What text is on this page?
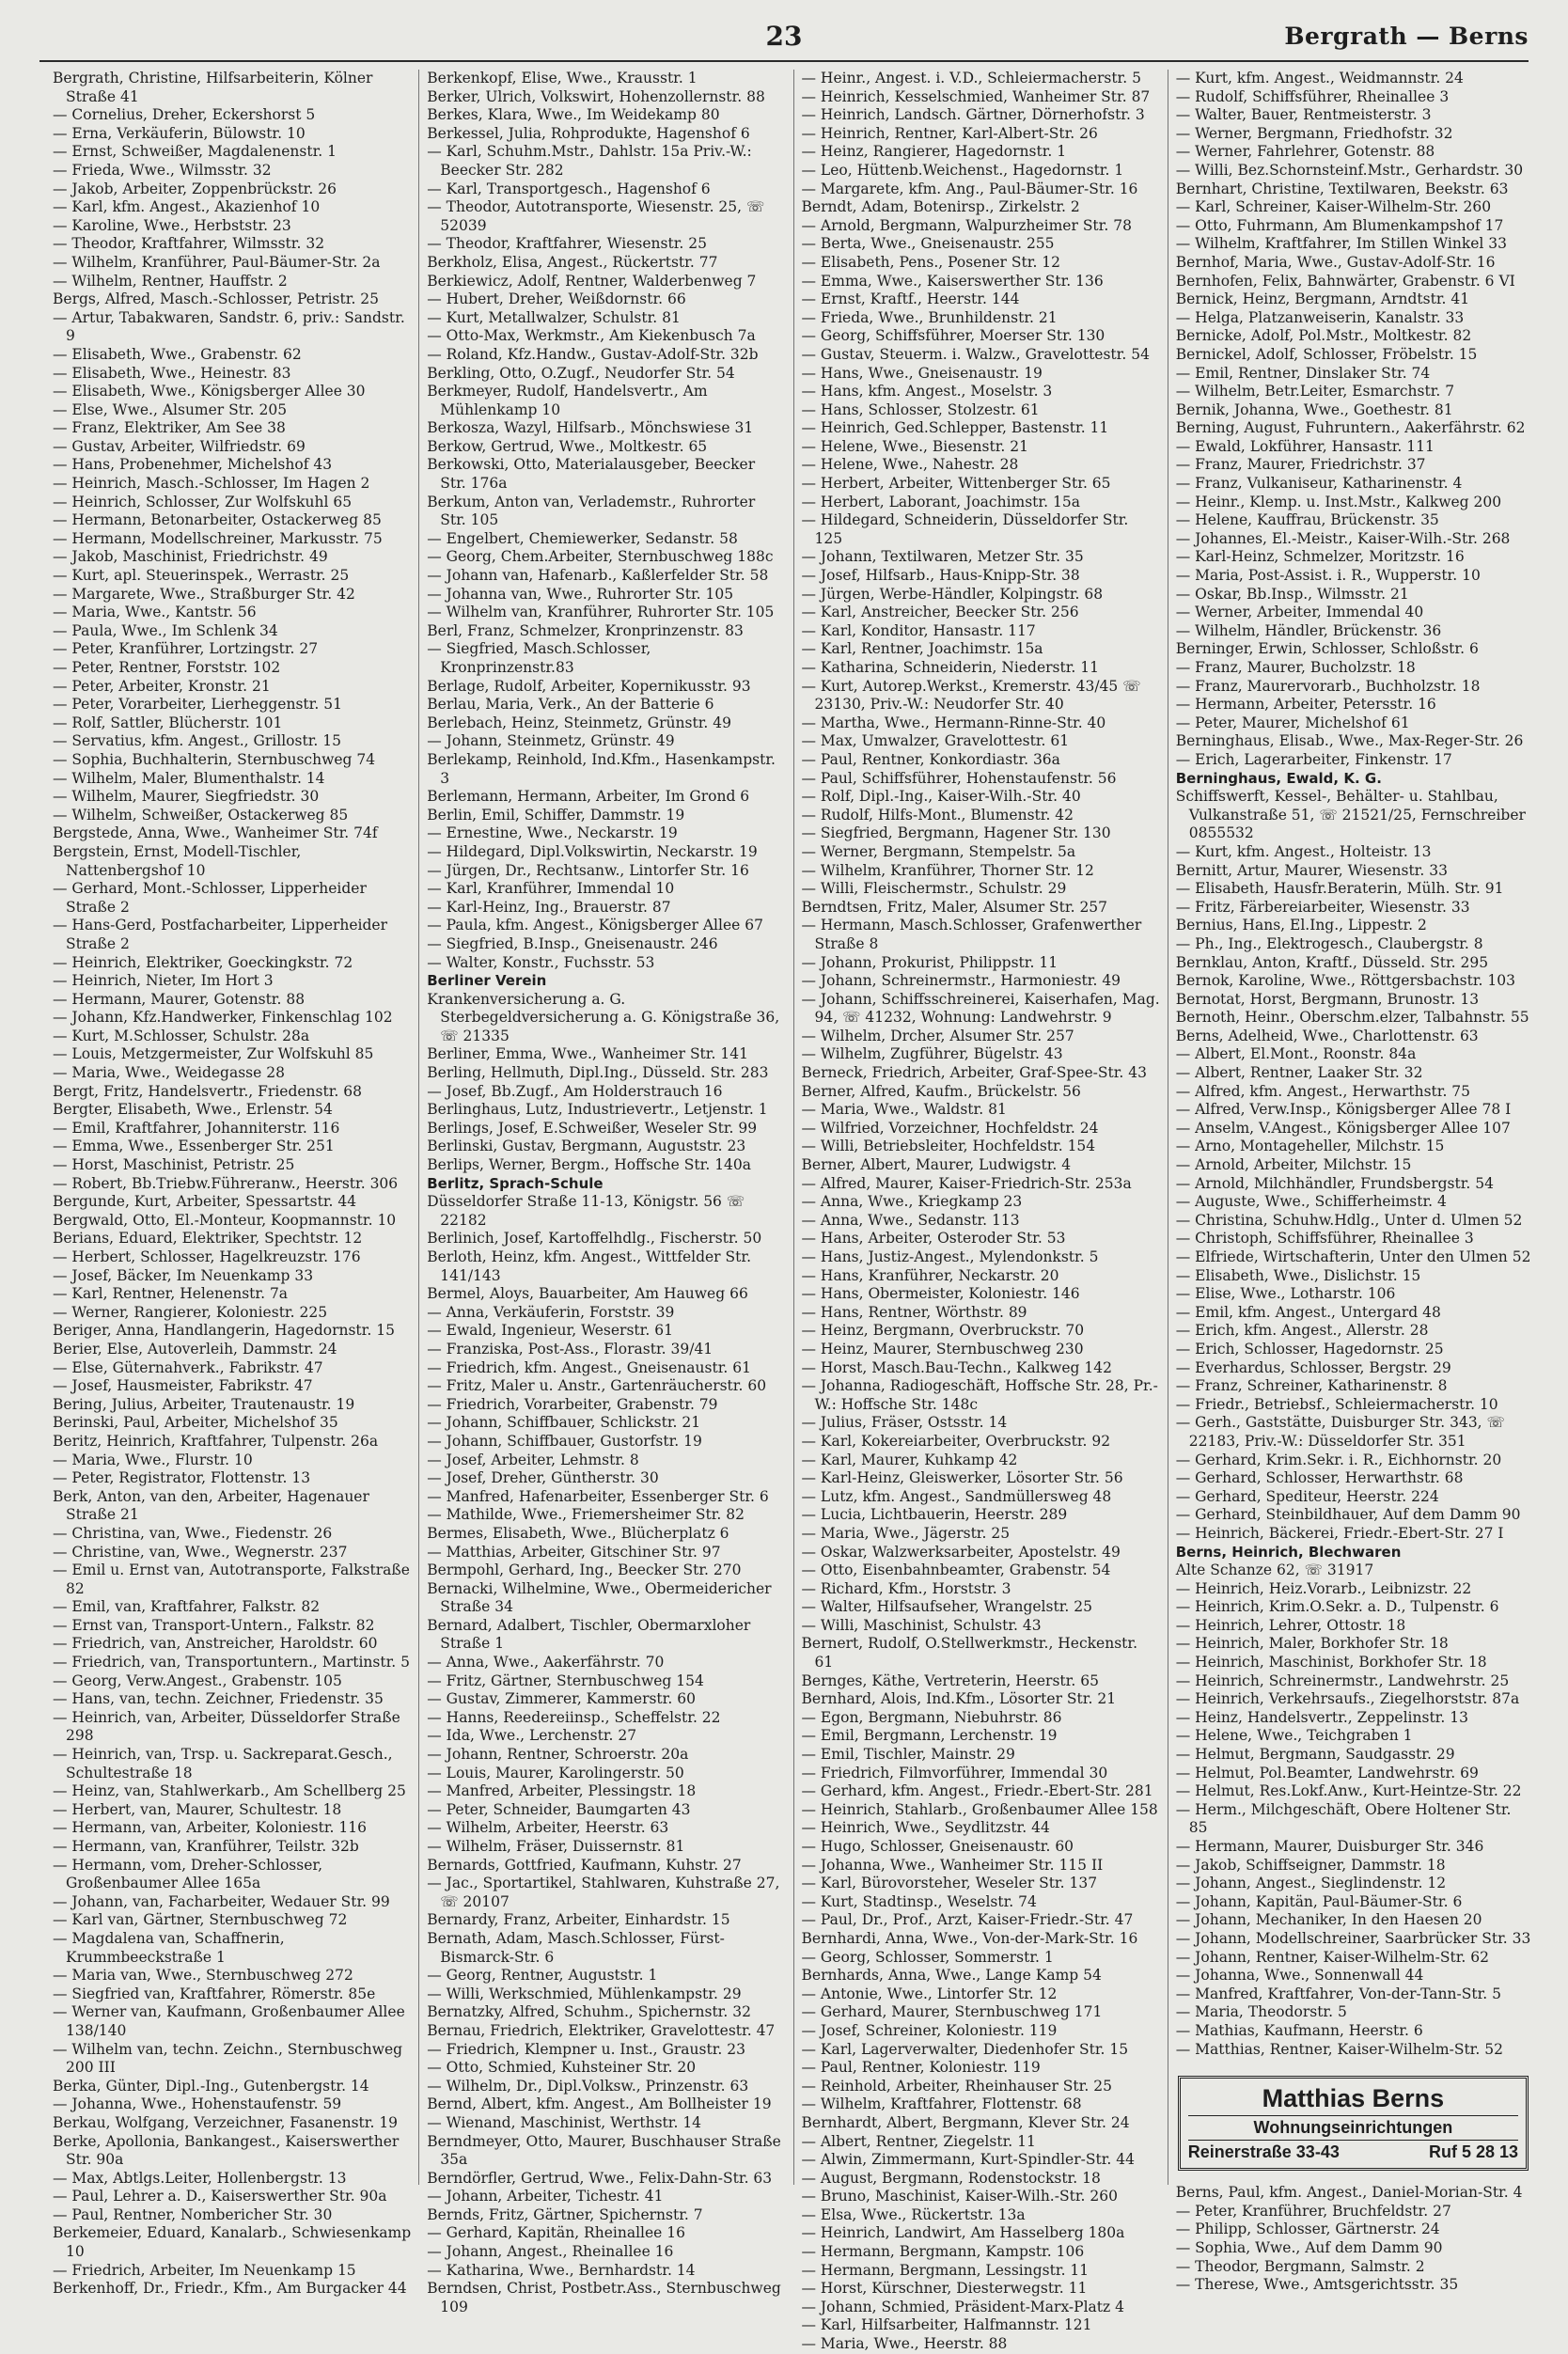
23	Bergrath — Berns

Bergrath, Christine, Hilfsarbeiterin, Kölner Straße 41

— Cornelius, Dreher, Eckershorst 5

— Erna, Verkäuferin, Bülowstr. 10

— Ernst, Schweißer, Magdalenenstr. 1

— Frieda, Wwe., Wilmsstr. 32

— Jakob, Arbeiter, Zoppenbrückstr. 26

— Karl, kfm. Angest., Akazienhof 10

— Karoline, Wwe., Herbststr. 23

— Theodor, Kraftfahrer, Wilmsstr. 32

— Wilhelm, Kranführer, Paul-Bäumer-Str. 2a

— Wilhelm, Rentner, Hauffstr. 2

Bergs, Alfred, Masch.-Schlosser, Petristr. 25

— Artur, Tabakwaren, Sandstr. 6, priv.: Sandstr. 9

— Elisabeth, Wwe., Grabenstr. 62

— Elisabeth, Wwe., Heinestr. 83

— Elisabeth, Wwe., Königsberger Allee 30

— Else, Wwe., Alsumer Str. 205

— Franz, Elektriker, Am See 38

— Gustav, Arbeiter, Wilfriedstr. 69

— Hans, Probenehmer, Michelshof 43

— Heinrich, Masch.-Schlosser, Im Hagen 2

— Heinrich, Schlosser, Zur Wolfskuhl 65

— Hermann, Betonarbeiter, Ostackerweg 85

— Hermann, Modellschreiner, Markusstr. 75

— Jakob, Maschinist, Friedrichstr. 49

— Kurt, apl. Steuerinspek., Werrastr. 25

— Margarete, Wwe., Straßburger Str. 42

— Maria, Wwe., Kantstr. 56

— Paula, Wwe., Im Schlenk 34

— Peter, Kranführer, Lortzingstr. 27

— Peter, Rentner, Forststr. 102

— Peter, Arbeiter, Kronstr. 21

— Peter, Vorarbeiter, Lierheggenstr. 51

— Rolf, Sattler, Blücherstr. 101

— Servatius, kfm. Angest., Grillostr. 15

— Sophia, Buchhalterin, Sternbuschweg 74

— Wilhelm, Maler, Blumenthalstr. 14

— Wilhelm, Maurer, Siegfriedstr. 30

— Wilhelm, Schweißer, Ostackerweg 85

Bergstede, Anna, Wwe., Wanheimer Str. 74f

Bergstein, Ernst, Modell-Tischler, Nattenbergshof 10

— Gerhard, Mont.-Schlosser, Lipperheider Straße 2

— Hans-Gerd, Postfacharbeiter, Lipperheider Straße 2

— Heinrich, Elektriker, Goeckingkstr. 72

— Heinrich, Nieter, Im Hort 3

— Hermann, Maurer, Gotenstr. 88

— Johann, Kfz.Handwerker, Finkenschlag 102

— Kurt, M.Schlosser, Schulstr. 28a

— Louis, Metzgermeister, Zur Wolfskuhl 85

— Maria, Wwe., Weidegasse 28

Bergt, Fritz, Handelsvertr., Friedenstr. 68

Bergter, Elisabeth, Wwe., Erlenstr. 54

— Emil, Kraftfahrer, Johanniterstr. 116

— Emma, Wwe., Essenberger Str. 251

— Horst, Maschinist, Petristr. 25

— Robert, Bb.Triebw.Führeranw., Heerstr. 306

Bergunde, Kurt, Arbeiter, Spessartstr. 44

Bergwald, Otto, El.-Monteur, Koopmannstr. 10

Berians, Eduard, Elektriker, Spechtstr. 12

— Herbert, Schlosser, Hagelkreuzstr. 176

— Josef, Bäcker, Im Neuenkamp 33

— Karl, Rentner, Helenenstr. 7a

— Werner, Rangierer, Koloniestr. 225

Beriger, Anna, Handlangerin, Hagedornstr. 15

Berier, Else, Autoverleih, Dammstr. 24

— Else, Güternahverk., Fabrikstr. 47

— Josef, Hausmeister, Fabrikstr. 47

Bering, Julius, Arbeiter, Trautenaustr. 19

Berinski, Paul, Arbeiter, Michelshof 35

Beritz, Heinrich, Kraftfahrer, Tulpenstr. 26a

— Maria, Wwe., Flurstr. 10

— Peter, Registrator, Flottenstr. 13

Berk, Anton, van den, Arbeiter, Hagenauer Straße 21

— Christina, van, Wwe., Fiedenstr. 26

— Christine, van, Wwe., Wegnerstr. 237

— Emil u. Ernst van, Autotransporte, Falkstraße 82

— Emil, van, Kraftfahrer, Falkstr. 82

— Ernst van, Transport-Untern., Falkstr. 82

— Friedrich, van, Anstreicher, Haroldstr. 60

— Friedrich, van, Transportuntern., Martinstr. 5

— Georg, Verw.Angest., Grabenstr. 105

— Hans, van, techn. Zeichner, Friedenstr. 35

— Heinrich, van, Arbeiter, Düsseldorfer Straße 298

— Heinrich, van, Trsp. u. Sackreparat.Gesch., Schultestraße 18

— Heinz, van, Stahlwerkarb., Am Schellberg 25

— Herbert, van, Maurer, Schultestr. 18

— Hermann, van, Arbeiter, Koloniestr. 116

— Hermann, van, Kranführer, Teilstr. 32b

— Hermann, vom, Dreher-Schlosser, Großenbaumer Allee 165a

— Johann, van, Facharbeiter, Wedauer Str. 99

— Karl van, Gärtner, Sternbuschweg 72

— Magdalena van, Schaffnerin, Krummbeeckstraße 1

— Maria van, Wwe., Sternbuschweg 272

— Siegfried van, Kraftfahrer, Römerstr. 85e

— Werner van, Kaufmann, Großenbaumer Allee 138/140

— Wilhelm van, techn. Zeichn., Sternbuschweg 200 III

Berka, Günter, Dipl.-Ing., Gutenbergstr. 14

— Johanna, Wwe., Hohenstaufenstr. 59

Berkau, Wolfgang, Verzeichner, Fasanenstr. 19

Berke, Apollonia, Bankangest., Kaiserswerther Str. 90a

— Max, Abtlgs.Leiter, Hollenbergstr. 13

— Paul, Lehrer a. D., Kaiserswerther Str. 90a

— Paul, Rentner, Nombericher Str. 30

Berkemeier, Eduard, Kanalarb., Schwiesenkamp 10

— Friedrich, Arbeiter, Im Neuenkamp 15

Berkenhoff, Dr., Friedr., Kfm., Am Burgacker 44

Berkenkopf, Elise, Wwe., Krausstr. 1

Berker, Ulrich, Volkswirt, Hohenzollernstr. 88

Berkes, Klara, Wwe., Im Weidekamp 80

Berkessel, Julia, Rohprodukte, Hagenshof 6

— Karl, Schuhm.Mstr., Dahlstr. 15a Priv.-W.: Beecker Str. 282

— Karl, Transportgesch., Hagenshof 6

— Theodor, Autotransporte, Wiesenstr. 25, ☏ 52039

— Theodor, Kraftfahrer, Wiesenstr. 25

Berkholz, Elisa, Angest., Rückertstr. 77

Berkiewicz, Adolf, Rentner, Walderbenweg 7

— Hubert, Dreher, Weißdornstr. 66

— Kurt, Metallwalzer, Schulstr. 81

— Otto-Max, Werkmstr., Am Kiekenbusch 7a

— Roland, Kfz.Handw., Gustav-Adolf-Str. 32b

Berkling, Otto, O.Zugf., Neudorfer Str. 54

Berkmeyer, Rudolf, Handelsvertr., Am Mühlenkamp 10

Berkosza, Wazyl, Hilfsarb., Mönchswiese 31

Berkow, Gertrud, Wwe., Moltkestr. 65

Berkowski, Otto, Materialausgeber, Beecker Str. 176a

Berkum, Anton van, Verlademstr., Ruhrorter Str. 105

— Engelbert, Chemiewerker, Sedanstr. 58

— Georg, Chem.Arbeiter, Sternbuschweg 188c

— Johann van, Hafenarb., Kaßlerfelder Str. 58

— Johanna van, Wwe., Ruhrorter Str. 105

— Wilhelm van, Kranführer, Ruhrorter Str. 105

Berl, Franz, Schmelzer, Kronprinzenstr. 83

— Siegfried, Masch.Schlosser, Kronprinzenstr.83

Berlage, Rudolf, Arbeiter, Kopernikusstr. 93

Berlau, Maria, Verk., An der Batterie 6

Berlebach, Heinz, Steinmetz, Grünstr. 49

— Johann, Steinmetz, Grünstr. 49

Berlekamp, Reinhold, Ind.Kfm., Hasenkampstr. 3

Berlemann, Hermann, Arbeiter, Im Grond 6

Berlin, Emil, Schiffer, Dammstr. 19

— Ernestine, Wwe., Neckarstr. 19

— Hildegard, Dipl.Volkswirtin, Neckarstr. 19

— Jürgen, Dr., Rechtsanw., Lintorfer Str. 16

— Karl, Kranführer, Immendal 10

— Karl-Heinz, Ing., Brauerstr. 87

— Paula, kfm. Angest., Königsberger Allee 67

— Siegfried, B.Insp., Gneisenaustr. 246

— Walter, Konstr., Fuchsstr. 53

Berliner Verein

Krankenversicherung a. G. Sterbegeldversicherung a. G. Königstraße 36, ☏ 21335

Berliner, Emma, Wwe., Wanheimer Str. 141

Berling, Hellmuth, Dipl.Ing., Düsseld. Str. 283

— Josef, Bb.Zugf., Am Holderstrauch 16

Berlinghaus, Lutz, Industrievertr., Letjenstr. 1

Berlings, Josef, E.Schweißer, Weseler Str. 99

Berlinski, Gustav, Bergmann, Auguststr. 23

Berlips, Werner, Bergm., Hoffsche Str. 140a

Berlitz, Sprach-Schule

Düsseldorfer Straße 11-13, Königstr. 56 ☏ 22182

Berlinich, Josef, Kartoffelhdlg., Fischerstr. 50

Berloth, Heinz, kfm. Angest., Wittfelder Str. 141/143

Bermel, Aloys, Bauarbeiter, Am Hauweg 66

— Anna, Verkäuferin, Forststr. 39

— Ewald, Ingenieur, Weserstr. 61

— Franziska, Post-Ass., Florastr. 39/41

— Friedrich, kfm. Angest., Gneisenaustr. 61

— Fritz, Maler u. Anstr., Gartenräucherstr. 60

— Friedrich, Vorarbeiter, Grabenstr. 79

— Johann, Schiffbauer, Schlickstr. 21

— Johann, Schiffbauer, Gustorfstr. 19

— Josef, Arbeiter, Lehmstr. 8

— Josef, Dreher, Güntherstr. 30

— Manfred, Hafenarbeiter, Essenberger Str. 6

— Mathilde, Wwe., Friemersheimer Str. 82

Bermes, Elisabeth, Wwe., Blücherplatz 6

— Matthias, Arbeiter, Gitschiner Str. 97

Bermpohl, Gerhard, Ing., Beecker Str. 270

Bernacki, Wilhelmine, Wwe., Obermeidericher Straße 34

Bernard, Adalbert, Tischler, Obermarxloher Straße 1

— Anna, Wwe., Aakerfährstr. 70

— Fritz, Gärtner, Sternbuschweg 154

— Gustav, Zimmerer, Kammerstr. 60

— Hanns, Reedereiinsp., Scheffelstr. 22

— Ida, Wwe., Lerchenstr. 27

— Johann, Rentner, Schroerstr. 20a

— Louis, Maurer, Karolingerstr. 50

— Manfred, Arbeiter, Plessingstr. 18

— Peter, Schneider, Baumgarten 43

— Wilhelm, Arbeiter, Heerstr. 63

— Wilhelm, Fräser, Duissernstr. 81

Bernards, Gottfried, Kaufmann, Kuhstr. 27

— Jac., Sportartikel, Stahlwaren, Kuhstraße 27, ☏ 20107

Bernardy, Franz, Arbeiter, Einhardstr. 15

Bernath, Adam, Masch.Schlosser, Fürst-Bismarck-Str. 6

— Georg, Rentner, Auguststr. 1

— Willi, Werkschmied, Mühlenkampstr. 29

Bernatzky, Alfred, Schuhm., Spichernstr. 32

Bernau, Friedrich, Elektriker, Gravelottestr. 47

— Friedrich, Klempner u. Inst., Graustr. 23

— Otto, Schmied, Kuhsteiner Str. 20

— Wilhelm, Dr., Dipl.Volksw., Prinzenstr. 63

Bernd, Albert, kfm. Angest., Am Bollheister 19

— Wienand, Maschinist, Werthstr. 14

Berndmeyer, Otto, Maurer, Buschhauser Straße 35a

Berndörfler, Gertrud, Wwe., Felix-Dahn-Str. 63

— Johann, Arbeiter, Tichestr. 41

Bernds, Fritz, Gärtner, Spichernstr. 7

— Gerhard, Kapitän, Rheinallee 16

— Johann, Angest., Rheinallee 16

— Katharina, Wwe., Bernhardstr. 14

Berndsen, Christ, Postbetr.Ass., Sternbuschweg 109

— Heinr., Angest. i. V.D., Schleiermacherstr. 5

— Heinrich, Kesselschmied, Wanheimer Str. 87

— Heinrich, Landsch. Gärtner, Dörnerhofstr. 3

— Heinrich, Rentner, Karl-Albert-Str. 26

— Heinz, Rangierer, Hagedornstr. 1

— Leo, Hüttenb.Weichenst., Hagedornstr. 1

— Margarete, kfm. Ang., Paul-Bäumer-Str. 16

Berndt, Adam, Botenirsp., Zirkelstr. 2

— Arnold, Bergmann, Walpurzheimer Str. 78

— Berta, Wwe., Gneisenaustr. 255

— Elisabeth, Pens., Posener Str. 12

— Emma, Wwe., Kaiserswerther Str. 136

— Ernst, Kraftf., Heerstr. 144

— Frieda, Wwe., Brunhildenstr. 21

— Georg, Schiffsführer, Moerser Str. 130

— Gustav, Steuerm. i. Walzw., Gravelottestr. 54

— Hans, Wwe., Gneisenaustr. 19

— Hans, kfm. Angest., Moselstr. 3

— Hans, Schlosser, Stolzestr. 61

— Heinrich, Ged.Schlepper, Bastenstr. 11

— Helene, Wwe., Biesenstr. 21

— Helene, Wwe., Nahestr. 28

— Herbert, Arbeiter, Wittenberger Str. 65

— Herbert, Laborant, Joachimstr. 15a

— Hildegard, Schneiderin, Düsseldorfer Str. 125

— Johann, Textilwaren, Metzer Str. 35

— Josef, Hilfsarb., Haus-Knipp-Str. 38

— Jürgen, Werbe-Händler, Kolpingstr. 68

— Karl, Anstreicher, Beecker Str. 256

— Karl, Konditor, Hansastr. 117

— Karl, Rentner, Joachimstr. 15a

— Katharina, Schneiderin, Niederstr. 11

— Kurt, Autorep.Werkst., Kremerstr. 43/45 ☏ 23130, Priv.-W.: Neudorfer Str. 40

— Martha, Wwe., Hermann-Rinne-Str. 40

— Max, Umwalzer, Gravelottestr. 61

— Paul, Rentner, Konkordiastr. 36a

— Paul, Schiffsführer, Hohenstaufenstr. 56

— Rolf, Dipl.-Ing., Kaiser-Wilh.-Str. 40

— Rudolf, Hilfs-Mont., Blumenstr. 42

— Siegfried, Bergmann, Hagener Str. 130

— Werner, Bergmann, Stempelstr. 5a

— Wilhelm, Kranführer, Thorner Str. 12

— Willi, Fleischermstr., Schulstr. 29

Berndtsen, Fritz, Maler, Alsumer Str. 257

— Hermann, Masch.Schlosser, Grafenwerther Straße 8

— Johann, Prokurist, Philippstr. 11

— Johann, Schreinermstr., Harmoniestr. 49

— Johann, Schiffsschreinerei, Kaiserhafen, Mag. 94, ☏ 41232, Wohnung: Landwehrstr. 9

— Wilhelm, Drcher, Alsumer Str. 257

— Wilhelm, Zugführer, Bügelstr. 43

Berneck, Friedrich, Arbeiter, Graf-Spee-Str. 43

Berner, Alfred, Kaufm., Brückelstr. 56

— Maria, Wwe., Waldstr. 81

— Wilfried, Vorzeichner, Hochfeldstr. 24

— Willi, Betriebsleiter, Hochfeldstr. 154

Berner, Albert, Maurer, Ludwigstr. 4

— Alfred, Maurer, Kaiser-Friedrich-Str. 253a

— Anna, Wwe., Kriegkamp 23

— Anna, Wwe., Sedanstr. 113

— Hans, Arbeiter, Osteroder Str. 53

— Hans, Justiz-Angest., Mylendonkstr. 5

— Hans, Kranführer, Neckarstr. 20

— Hans, Obermeister, Koloniestr. 146

— Hans, Rentner, Wörthstr. 89

— Heinz, Bergmann, Overbruckstr. 70

— Heinz, Maurer, Sternbuschweg 230

— Horst, Masch.Bau-Techn., Kalkweg 142

— Johanna, Radiogeschäft, Hoffsche Str. 28, Pr.-W.: Hoffsche Str. 148c

— Julius, Fräser, Ostsstr. 14

— Karl, Kokereiarbeiter, Overbruckstr. 92

— Karl, Maurer, Kuhkamp 42

— Karl-Heinz, Gleiswerker, Lösorter Str. 56

— Lutz, kfm. Angest., Sandmüllersweg 48

— Lucia, Lichtbauerin, Heerstr. 289

— Maria, Wwe., Jägerstr. 25

— Oskar, Walzwerksarbeiter, Apostelstr. 49

— Otto, Eisenbahnbeamter, Grabenstr. 54

— Richard, Kfm., Horststr. 3

— Walter, Hilfsaufseher, Wrangelstr. 25

— Willi, Maschinist, Schulstr. 43

Bernert, Rudolf, O.Stellwerkmstr., Heckenstr. 61

Bernges, Käthe, Vertreterin, Heerstr. 65

Bernhard, Alois, Ind.Kfm., Lösorter Str. 21

— Egon, Bergmann, Niebuhrstr. 86

— Emil, Bergmann, Lerchenstr. 19

— Emil, Tischler, Mainstr. 29

— Friedrich, Filmvorführer, Immendal 30

— Gerhard, kfm. Angest., Friedr.-Ebert-Str. 281

— Heinrich, Stahlarb., Großenbaumer Allee 158

— Heinrich, Wwe., Seydlitzstr. 44

— Hugo, Schlosser, Gneisenaustr. 60

— Johanna, Wwe., Wanheimer Str. 115 II

— Karl, Bürovorsteher, Weseler Str. 137

— Kurt, Stadtinsp., Weselstr. 74

— Paul, Dr., Prof., Arzt, Kaiser-Friedr.-Str. 47

Bernhardi, Anna, Wwe., Von-der-Mark-Str. 16

— Georg, Schlosser, Sommerstr. 1

Bernhards, Anna, Wwe., Lange Kamp 54

— Antonie, Wwe., Lintorfer Str. 12

— Gerhard, Maurer, Sternbuschweg 171

— Josef, Schreiner, Koloniestr. 119

— Karl, Lagerverwalter, Diedenhofer Str. 15

— Paul, Rentner, Koloniestr. 119

— Reinhold, Arbeiter, Rheinhauser Str. 25

— Wilhelm, Kraftfahrer, Flottenstr. 68

Bernhardt, Albert, Bergmann, Klever Str. 24

— Albert, Rentner, Ziegelstr. 11

— Alwin, Zimmermann, Kurt-Spindler-Str. 44

— August, Bergmann, Rodenstockstr. 18

— Bruno, Maschinist, Kaiser-Wilh.-Str. 260

— Elsa, Wwe., Rückertstr. 13a

— Heinrich, Landwirt, Am Hasselberg 180a

— Hermann, Bergmann, Kampstr. 106

— Hermann, Bergmann, Lessingstr. 11

— Horst, Kürschner, Diesterwegstr. 11

— Johann, Schmied, Präsident-Marx-Platz 4

— Karl, Hilfsarbeiter, Halfmannstr. 121

— Maria, Wwe., Heerstr. 88

— Kurt, kfm. Angest., Weidmannstr. 24

— Rudolf, Schiffsführer, Rheinallee 3

— Walter, Bauer, Rentmeisterstr. 3

— Werner, Bergmann, Friedhofstr. 32

— Werner, Fahrlehrer, Gotenstr. 88

— Willi, Bez.Schornsteinf.Mstr., Gerhardstr. 30

Bernhart, Christine, Textilwaren, Beekstr. 63

— Karl, Schreiner, Kaiser-Wilhelm-Str. 260

— Otto, Fuhrmann, Am Blumenkampshof 17

— Wilhelm, Kraftfahrer, Im Stillen Winkel 33

Bernhof, Maria, Wwe., Gustav-Adolf-Str. 16

Bernhofen, Felix, Bahnwärter, Grabenstr. 6 VI

Bernick, Heinz, Bergmann, Arndtstr. 41

— Helga, Platzanweiserin, Kanalstr. 33

Bernicke, Adolf, Pol.Mstr., Moltkestr. 82

Bernickel, Adolf, Schlosser, Fröbelstr. 15

— Emil, Rentner, Dinslaker Str. 74

— Wilhelm, Betr.Leiter, Esmarchstr. 7

Bernik, Johanna, Wwe., Goethestr. 81

Berning, August, Fuhruntern., Aakerfährstr. 62

— Ewald, Lokführer, Hansastr. 111

— Franz, Maurer, Friedrichstr. 37

— Franz, Vulkaniseur, Katharinenstr. 4

— Heinr., Klemp. u. Inst.Mstr., Kalkweg 200

— Helene, Kauffrau, Brückenstr. 35

— Johannes, El.-Meistr., Kaiser-Wilh.-Str. 268

— Karl-Heinz, Schmelzer, Moritzstr. 16

— Maria, Post-Assist. i. R., Wupperstr. 10

— Oskar, Bb.Insp., Wilmsstr. 21

— Werner, Arbeiter, Immendal 40

— Wilhelm, Händler, Brückenstr. 36

Berninger, Erwin, Schlosser, Schloßstr. 6

— Franz, Maurer, Bucholzstr. 18

— Franz, Maurervorarb., Buchholzstr. 18

— Hermann, Arbeiter, Petersstr. 16

— Peter, Maurer, Michelshof 61

Berninghaus, Elisab., Wwe., Max-Reger-Str. 26

— Erich, Lagerarbeiter, Finkenstr. 17

Berninghaus, Ewald, K. G.

Schiffswerft, Kessel-, Behälter- u. Stahlbau, Vulkanstraße 51, ☏ 21521/25, Fernschreiber 0855532

— Kurt, kfm. Angest., Holteistr. 13

Bernitt, Artur, Maurer, Wiesenstr. 33

— Elisabeth, Hausfr.Beraterin, Mülh. Str. 91

— Fritz, Färbereiarbeiter, Wiesenstr. 33

Bernius, Hans, El.Ing., Lippestr. 2

— Ph., Ing., Elektrogesch., Claubergstr. 8

Bernklau, Anton, Kraftf., Düsseld. Str. 295

Bernok, Karoline, Wwe., Röttgersbachstr. 103

Bernotat, Horst, Bergmann, Brunostr. 13

Bernoth, Heinr., Oberschm.elzer, Talbahnstr. 55

Berns, Adelheid, Wwe., Charlottenstr. 63

— Albert, El.Mont., Roonstr. 84a

— Albert, Rentner, Laaker Str. 32

— Alfred, kfm. Angest., Herwarthstr. 75

— Alfred, Verw.Insp., Königsberger Allee 78 I

— Anselm, V.Angest., Königsberger Allee 107

— Arno, Montageheller, Milchstr. 15

— Arnold, Arbeiter, Milchstr. 15

— Arnold, Milchhändler, Frundsbergstr. 54

— Auguste, Wwe., Schifferheimstr. 4

— Christina, Schuhw.Hdlg., Unter d. Ulmen 52

— Christoph, Schiffsführer, Rheinallee 3

— Elfriede, Wirtschafterin, Unter den Ulmen 52

— Elisabeth, Wwe., Dislichstr. 15

— Elise, Wwe., Lotharstr. 106

— Emil, kfm. Angest., Untergard 48

— Erich, kfm. Angest., Allerstr. 28

— Erich, Schlosser, Hagedornstr. 25

— Everhardus, Schlosser, Bergstr. 29

— Franz, Schreiner, Katharinenstr. 8

— Friedr., Betriebsf., Schleiermacherstr. 10

— Gerh., Gaststätte, Duisburger Str. 343, ☏ 22183, Priv.-W.: Düsseldorfer Str. 351

— Gerhard, Krim.Sekr. i. R., Eichhornstr. 20

— Gerhard, Schlosser, Herwarthstr. 68

— Gerhard, Spediteur, Heerstr. 224

— Gerhard, Steinbildhauer, Auf dem Damm 90

— Heinrich, Bäckerei, Friedr.-Ebert-Str. 27 I

Berns, Heinrich, Blechwaren

Alte Schanze 62, ☏ 31917

— Heinrich, Heiz.Vorarb., Leibnizstr. 22

— Heinrich, Krim.O.Sekr. a. D., Tulpenstr. 6

— Heinrich, Lehrer, Ottostr. 18

— Heinrich, Maler, Borkhofer Str. 18

— Heinrich, Maschinist, Borkhofer Str. 18

— Heinrich, Schreinermstr., Landwehrstr. 25

— Heinrich, Verkehrsaufs., Ziegelhorststr. 87a

— Heinz, Handelsvertr., Zeppelinstr. 13

— Helene, Wwe., Teichgraben 1

— Helmut, Bergmann, Saudgasstr. 29

— Helmut, Pol.Beamter, Landwehrstr. 69

— Helmut, Res.Lokf.Anw., Kurt-Heintze-Str. 22

— Herm., Milchgeschäft, Obere Holtener Str. 85

— Hermann, Maurer, Duisburger Str. 346

— Jakob, Schiffseigner, Dammstr. 18

— Johann, Angest., Sieglindenstr. 12

— Johann, Kapitän, Paul-Bäumer-Str. 6

— Johann, Mechaniker, In den Haesen 20

— Johann, Modellschreiner, Saarbrücker Str. 33

— Johann, Rentner, Kaiser-Wilhelm-Str. 62

— Johanna, Wwe., Sonnenwall 44

— Manfred, Kraftfahrer, Von-der-Tann-Str. 5

— Maria, Theodorstr. 5

— Mathias, Kaufmann, Heerstr. 6

— Matthias, Rentner, Kaiser-Wilhelm-Str. 52

Matthias Berns
Wohnungseinrichtungen
Reinerstraße 33-43	Ruf 5 28 13

Berns, Paul, kfm. Angest., Daniel-Morian-Str. 4

— Peter, Kranführer, Bruchfeldstr. 27

— Philipp, Schlosser, Gärtnerstr. 24

— Sophia, Wwe., Auf dem Damm 90

— Theodor, Bergmann, Salmstr. 2

— Therese, Wwe., Amtsgerichtsstr. 35
